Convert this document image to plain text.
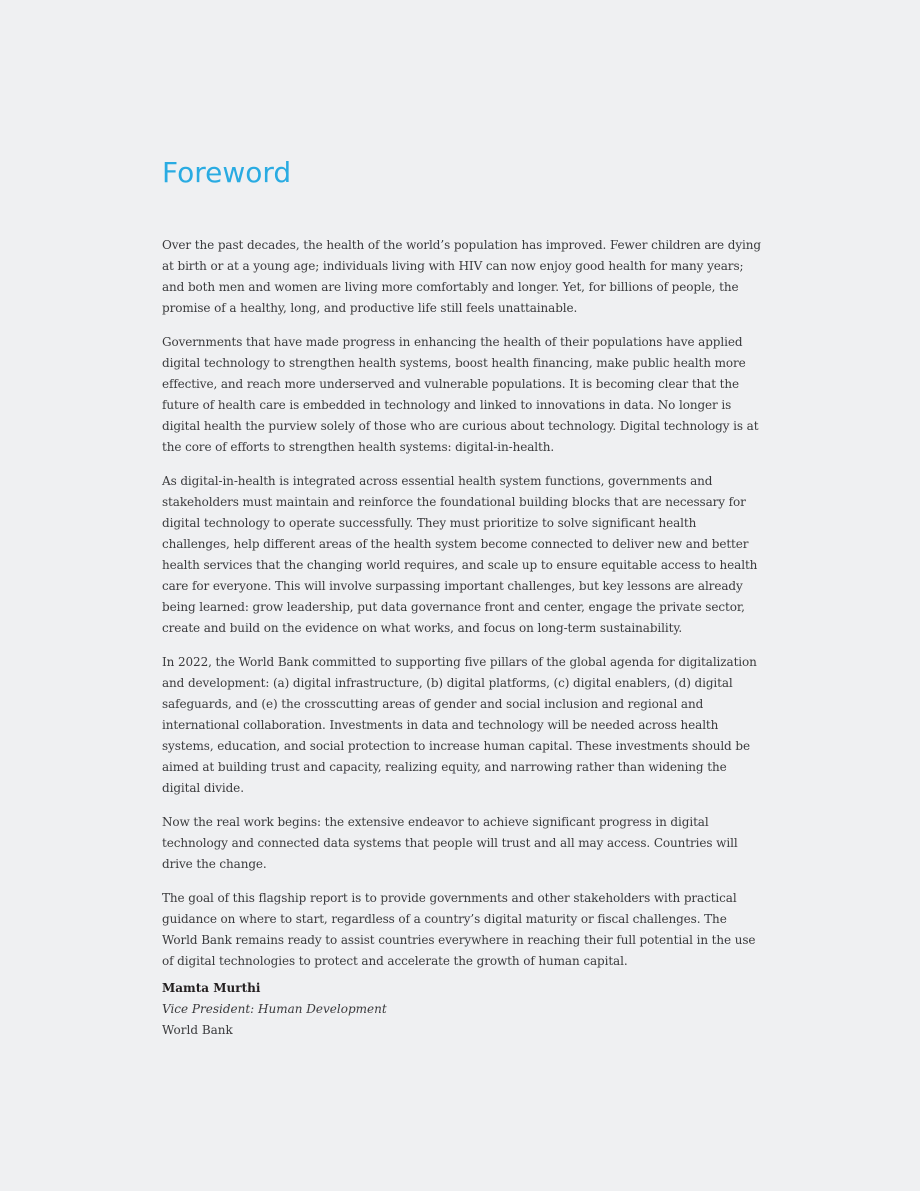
Foreword

Over the past decades, the health of the world’s population has improved. Fewer children are dying at birth or at a young age; individuals living with HIV can now enjoy good health for many years; and both men and women are living more comfortably and longer. Yet, for billions of people, the promise of a healthy, long, and productive life still feels unattainable.

Governments that have made progress in enhancing the health of their populations have applied digital technology to strengthen health systems, boost health financing, make public health more effective, and reach more underserved and vulnerable populations. It is becoming clear that the future of health care is embedded in technology and linked to innovations in data. No longer is digital health the purview solely of those who are curious about technology. Digital technology is at the core of efforts to strengthen health systems: digital-in-health.

As digital-in-health is integrated across essential health system functions, governments and stakeholders must maintain and reinforce the foundational building blocks that are necessary for digital technology to operate successfully. They must prioritize to solve significant health challenges, help different areas of the health system become connected to deliver new and better health services that the changing world requires, and scale up to ensure equitable access to health care for everyone. This will involve surpassing important challenges, but key lessons are already being learned: grow leadership, put data governance front and center, engage the private sector, create and build on the evidence on what works, and focus on long-term sustainability.

In 2022, the World Bank committed to supporting five pillars of the global agenda for digitalization and development: (a) digital infrastructure, (b) digital platforms, (c) digital enablers, (d) digital safeguards, and (e) the crosscutting areas of gender and social inclusion and regional and international collaboration. Investments in data and technology will be needed across health systems, education, and social protection to increase human capital. These investments should be aimed at building trust and capacity, realizing equity, and narrowing rather than widening the digital divide.

Now the real work begins: the extensive endeavor to achieve significant progress in digital technology and connected data systems that people will trust and all may access. Countries will drive the change.

The goal of this flagship report is to provide governments and other stakeholders with practical guidance on where to start, regardless of a country’s digital maturity or fiscal challenges. The World Bank remains ready to assist countries everywhere in reaching their full potential in the use of digital technologies to protect and accelerate the growth of human capital.

Mamta Murthi
Vice President: Human Development
World Bank
